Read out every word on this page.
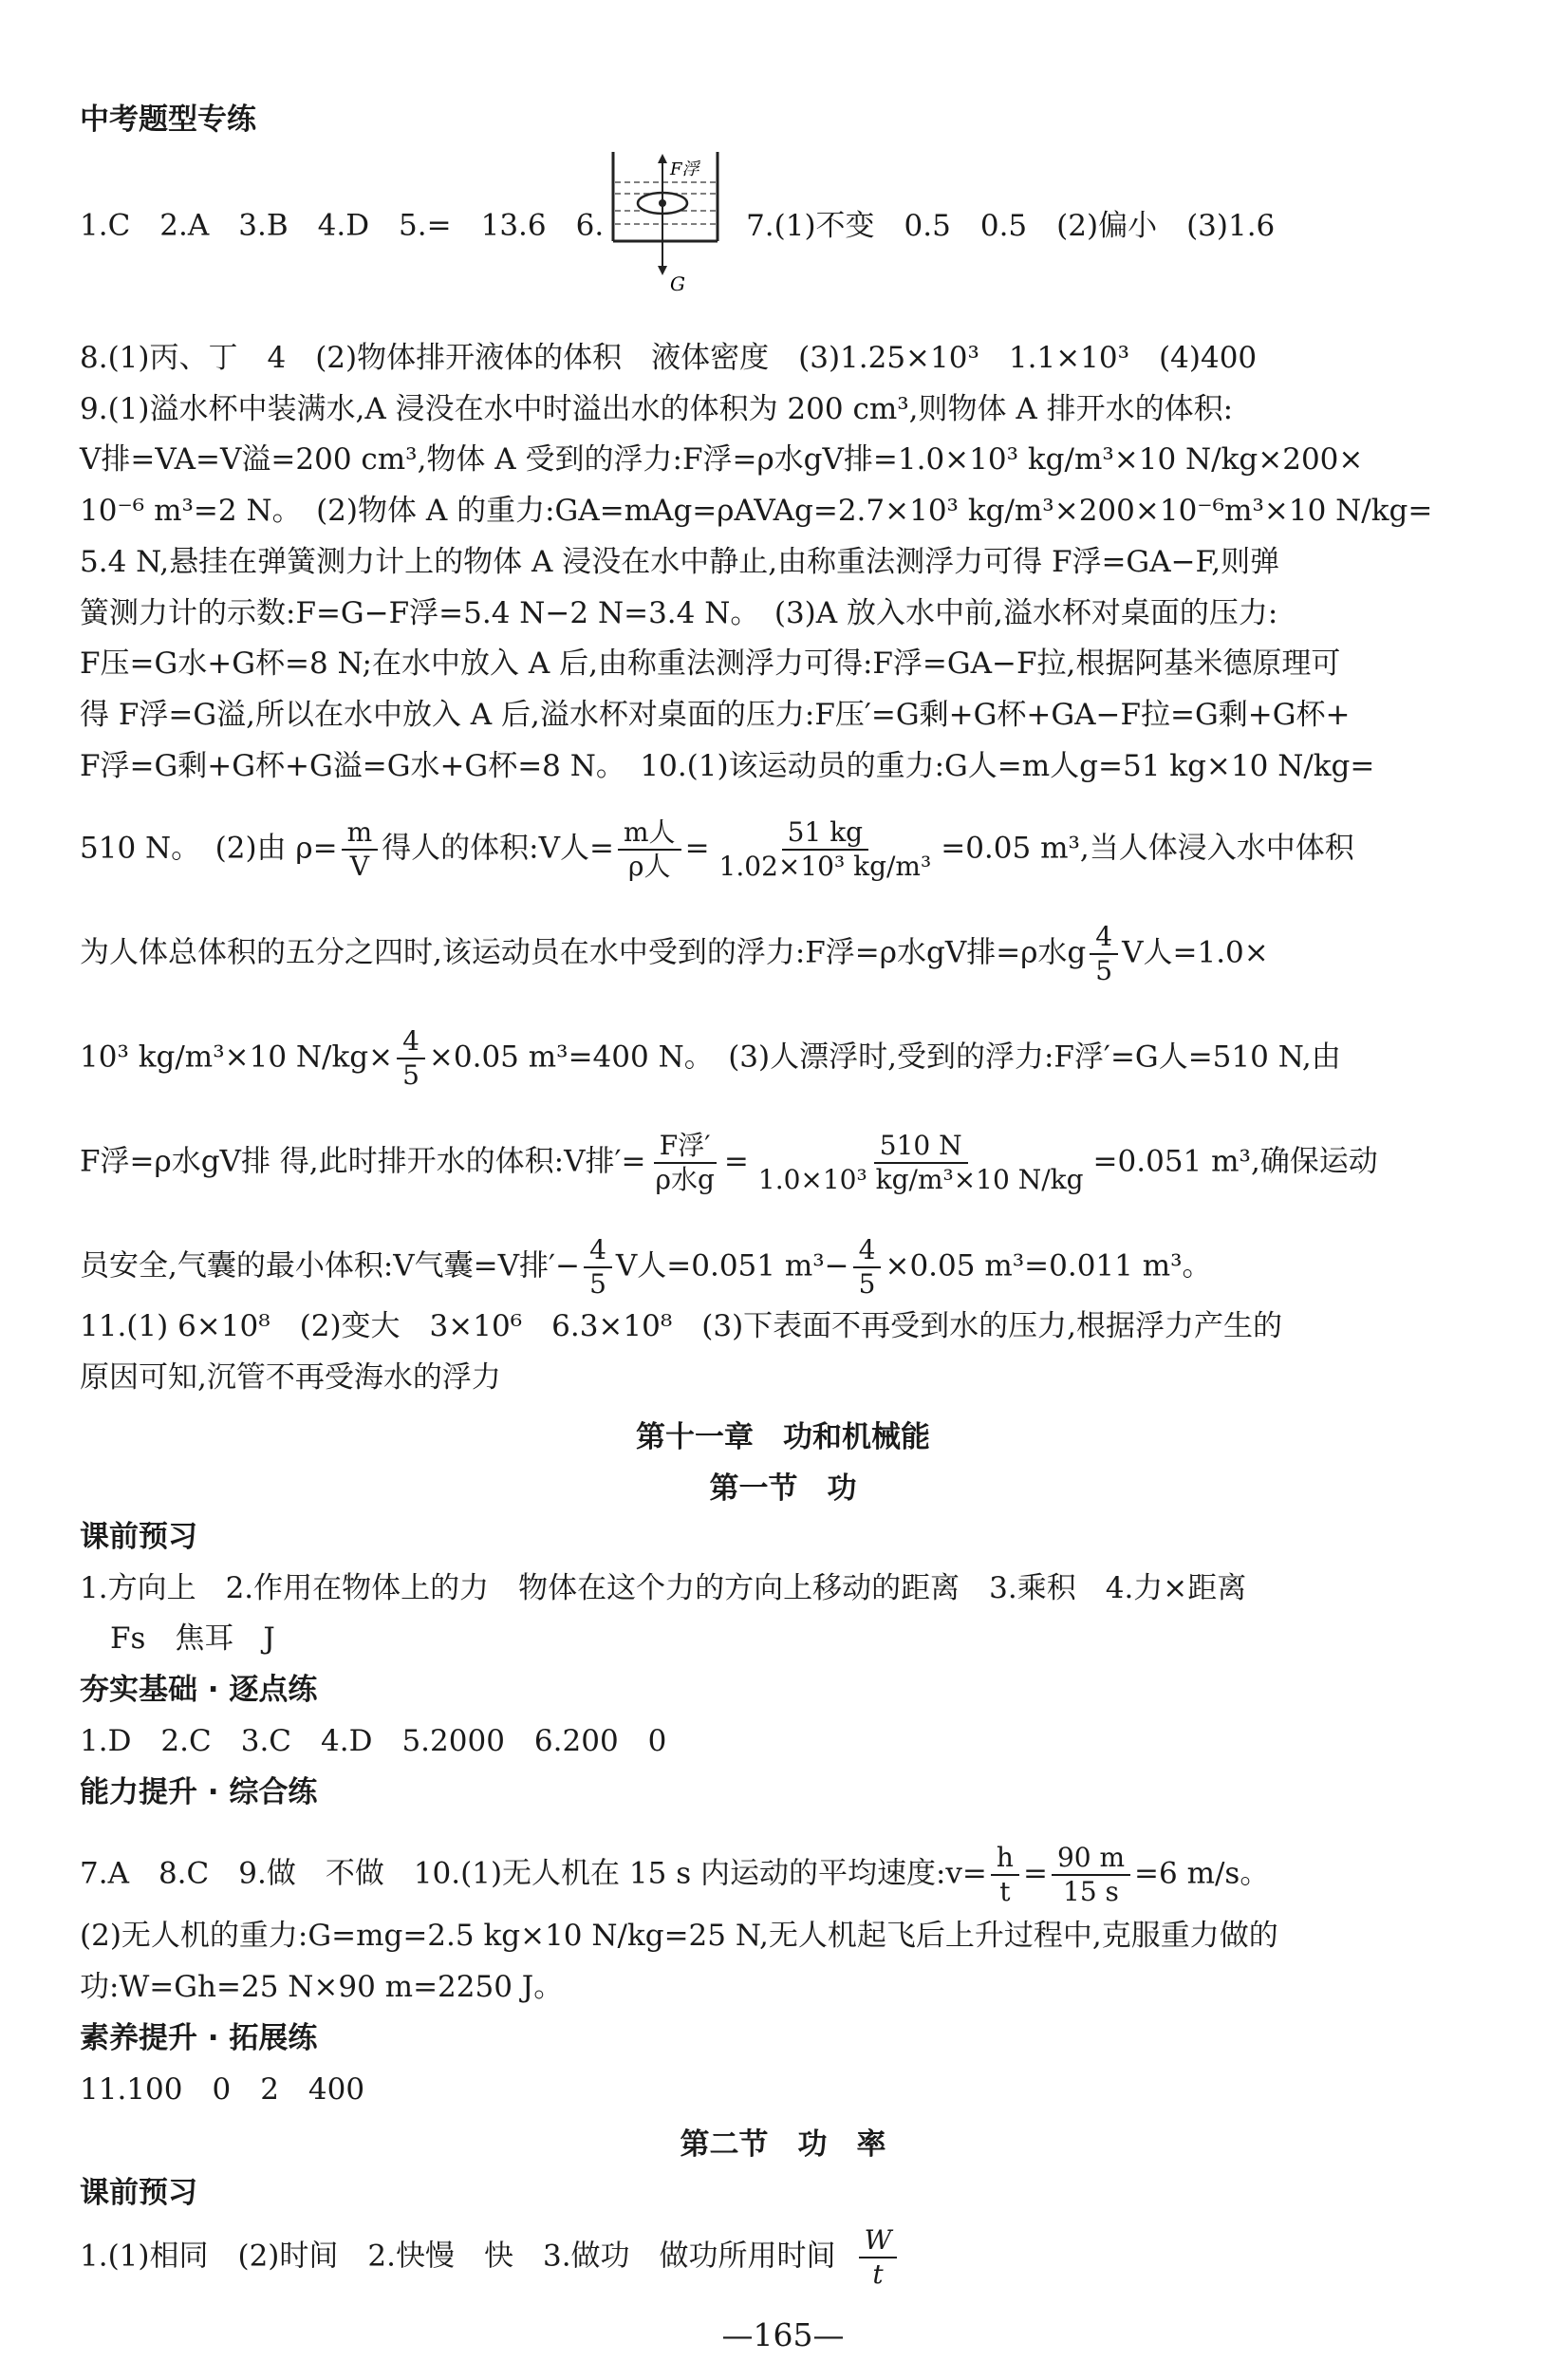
中考题型专练
1.C　2.A　3.B　4.D　5.=　13.6　6.
F浮
G
7.(1)不变　0.5　0.5　(2)偏小　(3)1.6
8.(1)丙、丁　4　(2)物体排开液体的体积　液体密度　(3)1.25×10³　1.1×10³　(4)400
9.(1)溢水杯中装满水,A 浸没在水中时溢出水的体积为 200 cm³,则物体 A 排开水的体积:
V排=VA=V溢=200 cm³,物体 A 受到的浮力:F浮=ρ水gV排=1.0×10³ kg/m³×10 N/kg×200×
10⁻⁶ m³=2 N。　(2)物体 A 的重力:GA=mAg=ρAVAg=2.7×10³ kg/m³×200×10⁻⁶m³×10 N/kg=
5.4 N,悬挂在弹簧测力计上的物体 A 浸没在水中静止,由称重法测浮力可得 F浮=GA−F,则弹
簧测力计的示数:F=G−F浮=5.4 N−2 N=3.4 N。　(3)A 放入水中前,溢水杯对桌面的压力:
F压=G水+G杯=8 N;在水中放入 A 后,由称重法测浮力可得:F浮=GA−F拉,根据阿基米德原理可
得 F浮=G溢,所以在水中放入 A 后,溢水杯对桌面的压力:F压′=G剩+G杯+GA−F拉=G剩+G杯+
F浮=G剩+G杯+G溢=G水+G杯=8 N。　10.(1)该运动员的重力:G人=m人g=51 kg×10 N/kg=
510 N。　(2)由 $\rho= \frac{m}{V}$ 得人的体积:V人= $\frac{\text{m人}}{\text{ρ人}} = \frac{51 kg}{\text{1.02×10³ kg/m³}} =0.05$ m³,当人体浸入水中体积
为人体总体积的五分之四时,该运动员在水中受到的浮力:F浮=ρ水gV排=ρ水g $\frac{4}{5}$ V人=1.0×
10³ kg/m³×10 $N/kg\times \frac{4}{5} \times 0.05$ m³=400 N。　(3)人漂浮时,受到的浮力:F浮′=G人=510 N,由
F浮=ρ水gV排 得,此时排开水的体积:V排′= $\frac{\text{F浮′}}{\text{ρ水g}} = \frac{510 N}{\text{1.0×10³ kg/m³×10 N/kg}} =0.051$ m³,确保运动
员安全,气囊的最小体积:V气囊=V排′− $\frac{4}{5}$ V人=0.051 $m^3- \frac{4}{5} \times 0.05$ m³=0.011 m³。
11.(1) 6×10⁸　(2)变大　3×10⁶　6.3×10⁸　(3)下表面不再受到水的压力,根据浮力产生的
原因可知,沉管不再受海水的浮力
第十一章　功和机械能
第一节　功
课前预习
1.方向上　2.作用在物体上的力　物体在这个力的方向上移动的距离　3.乘积　4.力×距离
Fs　焦耳　J
夯实基础 · 逐点练
1.D　2.C　3.C　4.D　5.2000　6.200　0
能力提升 · 综合练
7.A　8.C　9.做　不做　10.(1)无人机在 15 s 内运动的平均速度:v= $\frac{h}{t} = \frac{90 m}{15 s} =6$ m/s。
(2)无人机的重力:G=mg=2.5 kg×10 N/kg=25 N,无人机起飞后上升过程中,克服重力做的
功:W=Gh=25 N×90 m=2250 J。
素养提升 · 拓展练
11.100　0　2　400
第二节　功　率
课前预习
1.(1)相同　(2)时间　2.快慢　快　3.做功　做功所用时间 $\frac{W}{t}$
—165—
